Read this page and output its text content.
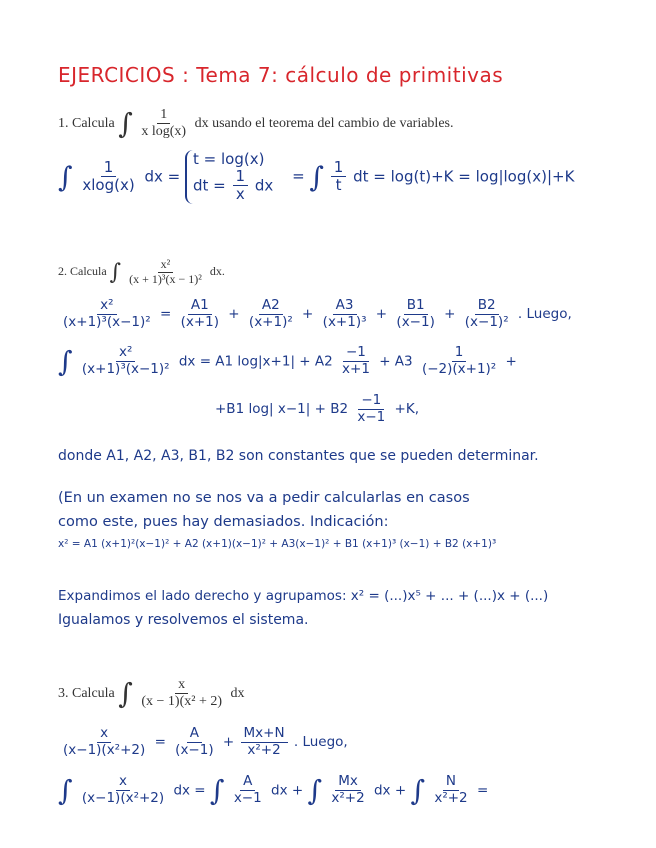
EJERCICIOS : Tema 7: cálculo de primitivas
1. Calcula ∫ $\frac{1}{\text{x log(x)}}$ dx usando el teorema del cambio de variables.
∫ $\frac{1}{xlog(x)}$ dx =
t = log(x)
dt = $\frac{1}{x}$ dx = ∫ $\frac{1}{t}$ dt = log(t)+K = log|log(x)|+K
2. Calcula ∫ $\frac{\text{x²}}{\text{(x + 1)³(x − 1)²}}$ dx.
$\frac{\text{x²}}{\text{(x+1)³(x−1)²}} = \frac{A1}{(x+1)} + \frac{A2}{\text{(x+1)²}} + \frac{A3}{\text{(x+1)³}} + \frac{B1}{(x-1)} + \frac{B2}{\text{(x−1)²}}$ . Luego,
∫ $\frac{\text{x²}}{\text{(x+1)³(x−1)²}}$ dx = A1 $\log|x+1| + A2 \frac{-1}{x+1} + A3 \frac{1}{\text{(−2)(x+1)²}}$ +
+B1 log| $x-1| + B2 \frac{-1}{x-1} +K$,
donde A1, A2, A3, B1, B2 son constantes que se pueden determinar.
(En un examen no se nos va a pedir calcularlas en casos
como este, pues hay demasiados. Indicación:
x² = A1 (x+1)²(x−1)² + A2 (x+1)(x−1)² + A3(x−1)² + B1 (x+1)³ (x−1) + B2 (x+1)³
Expandimos el lado derecho y agrupamos: x² = (...)x⁵ + ... + (...)x + (...)
Igualamos y resolvemos el sistema.
3. Calcula ∫ $\frac{x}{\text{(x − 1)(x² + 2)}}$ dx
$\frac{x}{\text{(x−1)(x²+2)}} = \frac{A}{(x-1)} + \frac{Mx+N}{\text{x²+2}}$ . Luego,
∫ $\frac{x}{\text{(x−1)(x²+2)}}$ dx = ∫ $\frac{A}{x-1}$ dx + ∫ $\frac{Mx}{\text{x²+2}}$ dx + ∫ $\frac{N}{\text{x²+2}}$ =
